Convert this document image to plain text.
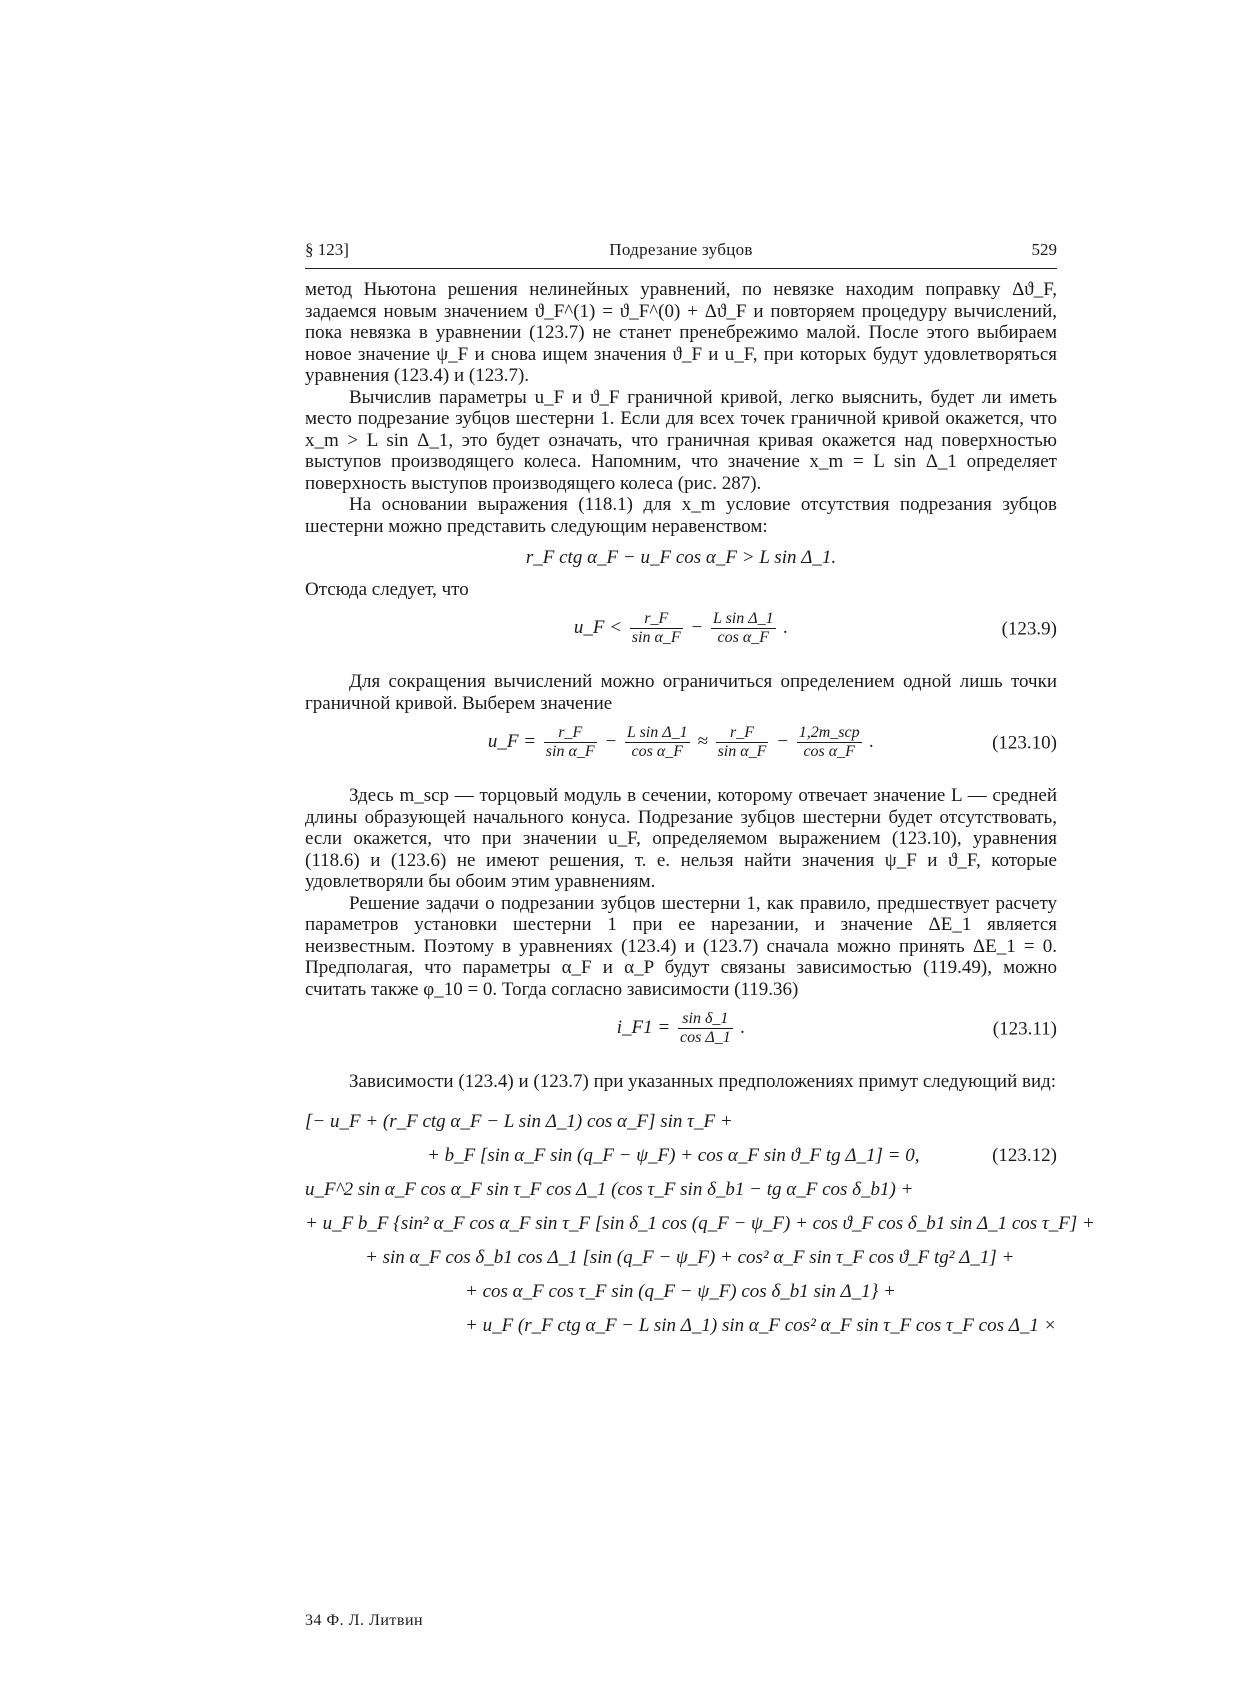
§ 123]	Подрезание зубцов	529

метод Ньютона решения нелинейных уравнений, по невязке находим поправку Δϑ_F, задаемся новым значением ϑ_F^(1) = ϑ_F^(0) + Δϑ_F и повторяем процедуру вычислений, пока невязка в уравнении (123.7) не станет пренебрежимо малой. После этого выбираем новое значение ψ_F и снова ищем значения ϑ_F и u_F, при которых будут удовлетворяться уравнения (123.4) и (123.7).

Вычислив параметры u_F и ϑ_F граничной кривой, легко выяснить, будет ли иметь место подрезание зубцов шестерни 1. Если для всех точек граничной кривой окажется, что x_m > L sin Δ_1, это будет означать, что граничная кривая окажется над поверхностью выступов производящего колеса. Напомним, что значение x_m = L sin Δ_1 определяет поверхность выступов производящего колеса (рис. 287).

На основании выражения (118.1) для x_m условие отсутствия подрезания зубцов шестерни можно представить следующим неравенством:

r_F ctg α_F − u_F cos α_F > L sin Δ_1.

Отсюда следует, что

u_F < $\frac{r\_F}{\text{sin α\_F}} - \frac{\text{L sin Δ\_1}}{\text{cos α\_F}}$ .	(123.9)

Для сокращения вычислений можно ограничиться определением одной лишь точки граничной кривой. Выберем значение

u_F = $\frac{r\_F}{\text{sin α\_F}} - \frac{\text{L sin Δ\_1}}{\text{cos α\_F}} \approx \frac{r\_F}{\text{sin α\_F}} - \frac{\text{1,2m\_scp}}{\text{cos α\_F}}$ .	(123.10)

Здесь m_scp — торцовый модуль в сечении, которому отвечает значение L — средней длины образующей начального конуса. Подрезание зубцов шестерни будет отсутствовать, если окажется, что при значении u_F, определяемом выражением (123.10), уравнения (118.6) и (123.6) не имеют решения, т. е. нельзя найти значения ψ_F и ϑ_F, которые удовлетворяли бы обоим этим уравнениям.

Решение задачи о подрезании зубцов шестерни 1, как правило, предшествует расчету параметров установки шестерни 1 при ее нарезании, и значение ΔE_1 является неизвестным. Поэтому в уравнениях (123.4) и (123.7) сначала можно принять ΔE_1 = 0. Предполагая, что параметры α_F и α_P будут связаны зависимостью (119.49), можно считать также φ_10 = 0. Тогда согласно зависимости (119.36)

i_F1 = $\frac{\text{sin δ\_1}}{\text{cos Δ\_1}}$ .	(123.11)

Зависимости (123.4) и (123.7) при указанных предположениях примут следующий вид:

[− u_F + (r_F ctg α_F − L sin Δ_1) cos α_F] sin τ_F +
+ b_F [sin α_F sin (q_F − ψ_F) + cos α_F sin ϑ_F tg Δ_1] = 0,	(123.12)
u_F^2 sin α_F cos α_F sin τ_F cos Δ_1 (cos τ_F sin δ_b1 − tg α_F cos δ_b1) +
+ u_F b_F {sin² α_F cos α_F sin τ_F [sin δ_1 cos (q_F − ψ_F) + cos ϑ_F cos δ_b1 sin Δ_1 cos τ_F] +
+ sin α_F cos δ_b1 cos Δ_1 [sin (q_F − ψ_F) + cos² α_F sin τ_F cos ϑ_F tg² Δ_1] +
+ cos α_F cos τ_F sin (q_F − ψ_F) cos δ_b1 sin Δ_1} +
+ u_F (r_F ctg α_F − L sin Δ_1) sin α_F cos² α_F sin τ_F cos τ_F cos Δ_1 ×
34 Ф. Л. Литвин
